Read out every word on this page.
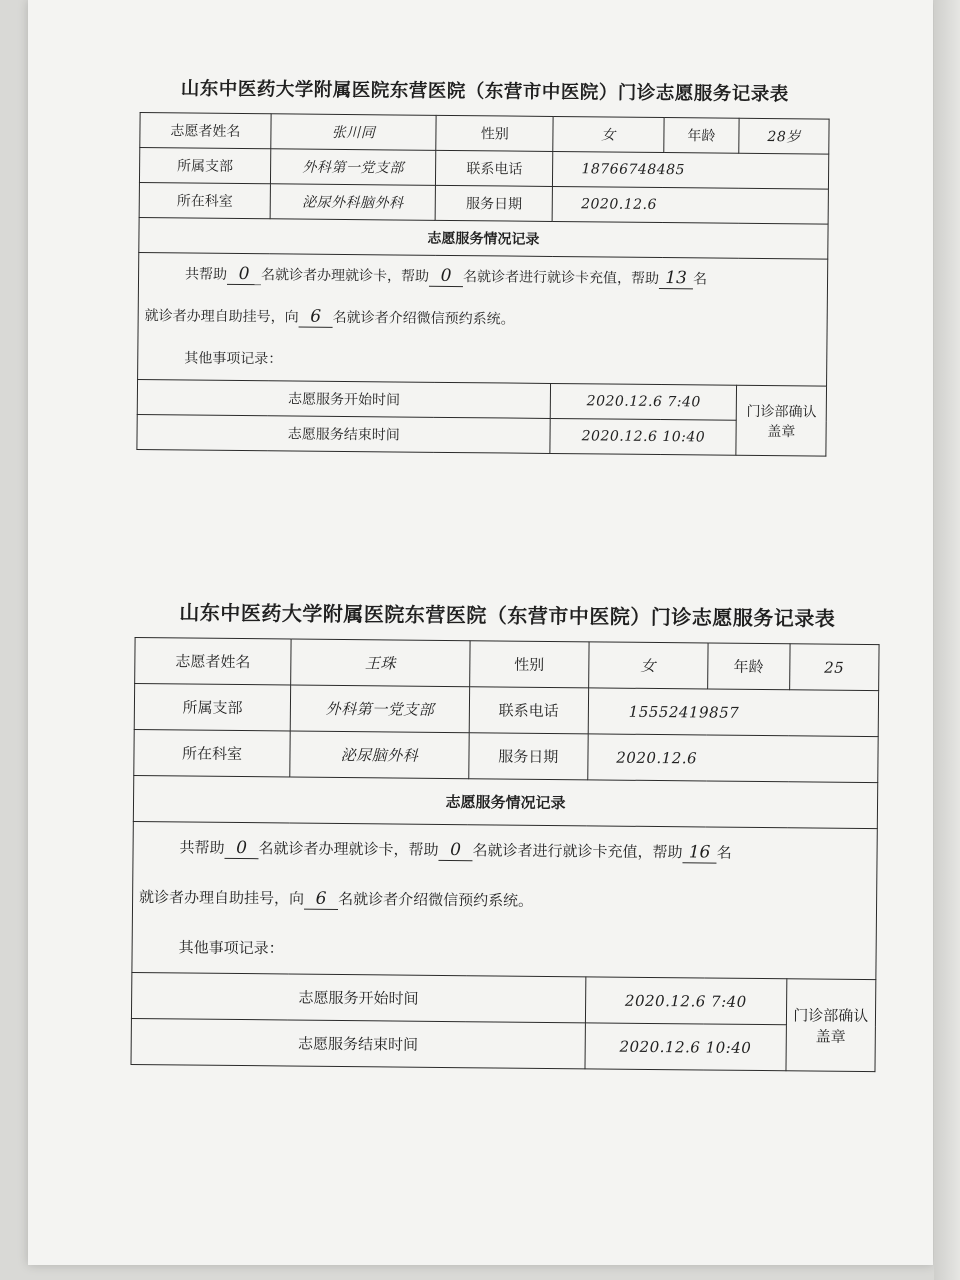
山东中医药大学附属医院东营医院（东营市中医院）门诊志愿服务记录表
志愿者姓名	张川同	性别	女	年龄	28岁
所属支部	外科第一党支部	联系电话	18766748485		
所在科室	泌尿外科脑外科	服务日期	2020.12.6		
志愿服务情况记录					

共帮助 0 名就诊者办理就诊卡，帮助 0 名就诊者进行就诊卡充值，帮助 13 名
就诊者办理自助挂号，向 6 名就诊者介绍微信预约系统。
其他事项记录：					

志愿服务开始时间			2020.12.6 7:40		门诊部确认盖章
志愿服务结束时间			2020.12.6 10:40		
山东中医药大学附属医院东营医院（东营市中医院）门诊志愿服务记录表
志愿者姓名	王珠	性别	女	年龄	25
所属支部	外科第一党支部	联系电话	15552419857		
所在科室	泌尿脑外科	服务日期	2020.12.6		
志愿服务情况记录					

共帮助 0 名就诊者办理就诊卡，帮助 0 名就诊者进行就诊卡充值，帮助 16 名
就诊者办理自助挂号，向 6 名就诊者介绍微信预约系统。
其他事项记录：					

志愿服务开始时间			2020.12.6 7:40		门诊部确认盖章
志愿服务结束时间			2020.12.6 10:40		
